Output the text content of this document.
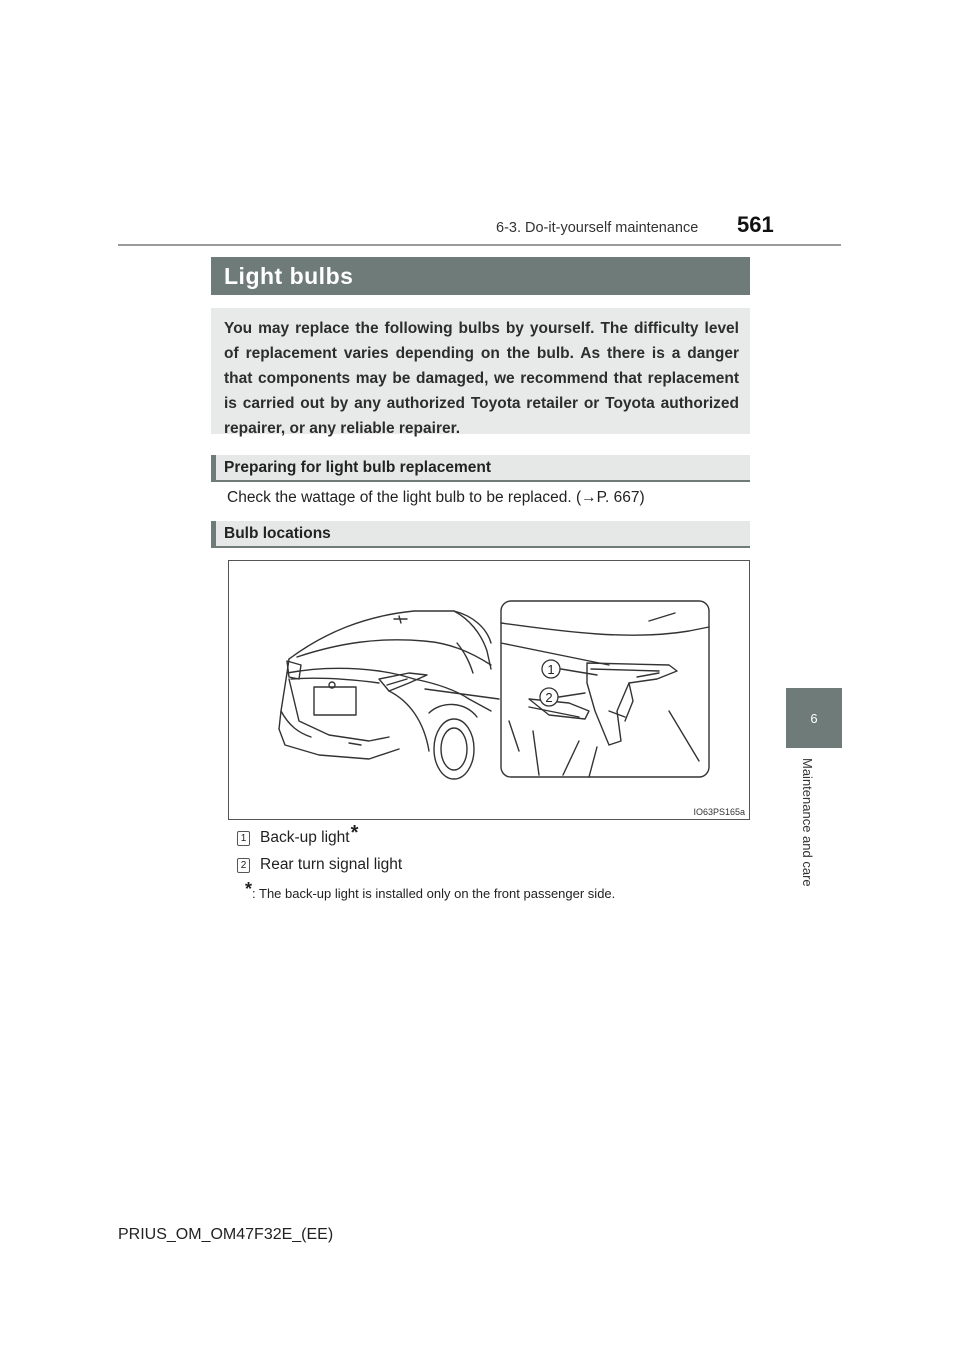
6-3. Do-it-yourself maintenance	561
6
Maintenance and care
Light bulbs

You may replace the following bulbs by yourself. The difficulty level of replacement varies depending on the bulb. As there is a danger that components may be damaged, we recommend that replacement is carried out by any authorized Toyota retailer or Toyota authorized repairer, or any reliable repairer.

Preparing for light bulb replacement
Check the wattage of the light bulb to be replaced. (→P. 667)
Bulb locations
1
2
IO63PS165a
1 Back-up light *
2 Rear turn signal light
*: The back-up light is installed only on the front passenger side.
PRIUS_OM_OM47F32E_(EE)
